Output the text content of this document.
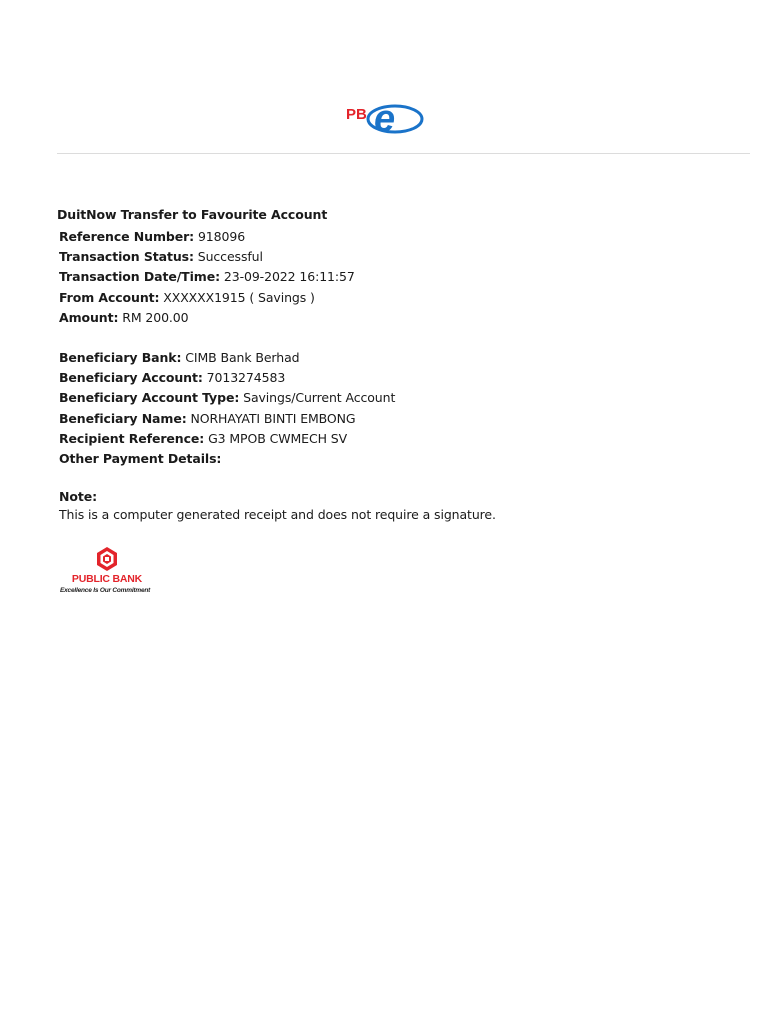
PB e
DuitNow Transfer to Favourite Account
Reference Number: 918096
Transaction Status: Successful
Transaction Date/Time: 23-09-2022 16:11:57
From Account: XXXXXX1915 ( Savings )
Amount: RM 200.00
Beneficiary Bank: CIMB Bank Berhad
Beneficiary Account: 7013274583
Beneficiary Account Type: Savings/Current Account
Beneficiary Name: NORHAYATI BINTI EMBONG
Recipient Reference: G3 MPOB CWMECH SV
Other Payment Details:
Note:
This is a computer generated receipt and does not require a signature.
PUBLIC BANK
Excellence Is Our Commitment
